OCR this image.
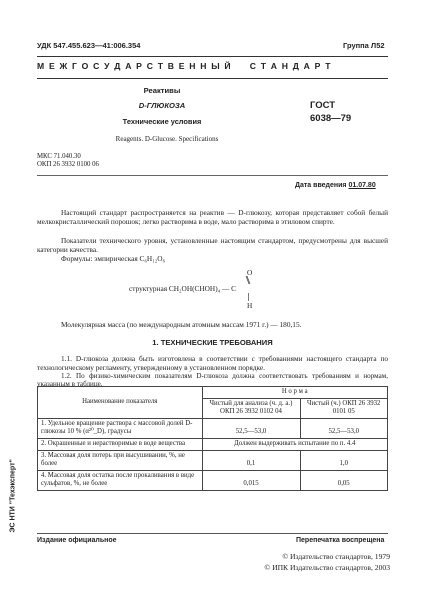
УДК 547.455.623—41:006.354	Группа Л52
М Е Ж Г О С У Д А Р С Т В Е Н Н Ы Й     С Т А Н Д А Р Т
Реактивы
D-ГЛЮКОЗА
Технические условия
Reagents. D-Glucose. Specifications
ГОСТ
6038—79
МКС 71.040.30
ОКП 26 3932 0100 06
Дата введения 01.07.80
Настоящий стандарт распространяется на реактив — D-глюкозу, которая представляет собой белый мелкокристаллический порошок; легко растворима в воде, мало растворима в этиловом спирте.
Показатели технического уровня, установленные настоящим стандартом, предусмотрены для высшей категории качества.
Формулы: эмпирическая C₆H₁₂O₆
структурная CH₂OH(CHOH)₄ — C
O
H
Молекулярная масса (по международным атомным массам 1971 г.) — 180,15.
1. ТЕХНИЧЕСКИЕ ТРЕБОВАНИЯ
1.1. D-глюкоза должна быть изготовлена в соответствии с требованиями настоящего стандарта по технологическому регламенту, утвержденному в установленном порядке.
1.2. По физико-химическим показателям D-глюкоза должна соответствовать требованиям и нормам, указанным в таблице.
Наименование показателя	Н о р м а	
	Чистый для анализа (ч. д. а.) ОКП 26 3932 0102 04	Чистый (ч.) ОКП 26 3932 0101 05
1. Удельное вращение раствора с массовой долей D-глюкозы 10 % (α²⁰_D), градусы	52,5—53,0	52,5—53,0
2. Окрашенные и нерастворимые в воде вещества	Должен выдерживать испытание по п. 4.4	
3. Массовая доля потерь при высушивании, %, не более	0,1	1,0
4. Массовая доля остатка после прокаливания в виде сульфатов, %, не более	0,015	0,05
Издание официальное	Перепечатка воспрещена
© Издательство стандартов, 1979
© ИПК Издательство стандартов, 2003
ЭС НТИ "Техэксперт"
